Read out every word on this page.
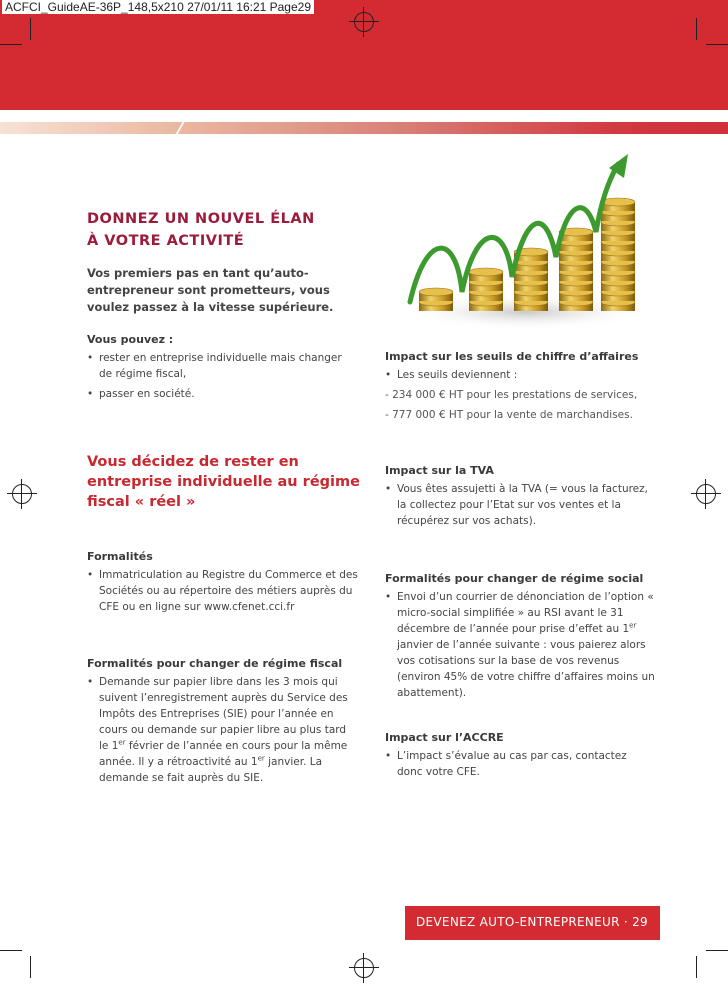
ACFCI_GuideAE-36P_148,5x210 27/01/11 16:21 Page29
DONNEZ UN NOUVEL ÉLAN
À VOTRE ACTIVITÉ

Vos premiers pas en tant qu’auto-entrepreneur sont prometteurs, vous voulez passez à la vitesse supérieure.

Vous pouvez :

• rester en entreprise individuelle mais changer de régime fiscal,
• passer en société.
Vous décidez de rester en entreprise individuelle au régime fiscal « réel »

Formalités

• Immatriculation au Registre du Commerce et des Sociétés ou au répertoire des métiers auprès du CFE ou en ligne sur www.cfenet.cci.fr

Formalités pour changer de régime fiscal

• Demande sur papier libre dans les 3 mois qui suivent l’enregistrement auprès du Service des Impôts des Entreprises (SIE) pour l’année en cours ou demande sur papier libre au plus tard le 1er février de l’année en cours pour la même année. Il y a rétroactivité au 1er janvier. La demande se fait auprès du SIE.

Impact sur les seuils de chiffre d’affaires

• Les seuils deviennent :

- 234 000 € HT pour les prestations de services,

- 777 000 € HT pour la vente de marchandises.

Impact sur la TVA

• Vous êtes assujetti à la TVA (= vous la facturez, la collectez pour l’Etat sur vos ventes et la récupérez sur vos achats).

Formalités pour changer de régime social

• Envoi d’un courrier de dénonciation de l’option « micro-social simplifiée » au RSI avant le 31 décembre de l’année pour prise d’effet au 1er janvier de l’année suivante : vous paierez alors vos cotisations sur la base de vos revenus (environ 45% de votre chiffre d’affaires moins un abattement).

Impact sur l’ACCRE

• L’impact s’évalue au cas par cas, contactez donc votre CFE.
DEVENEZ AUTO-ENTREPRENEUR · 29
